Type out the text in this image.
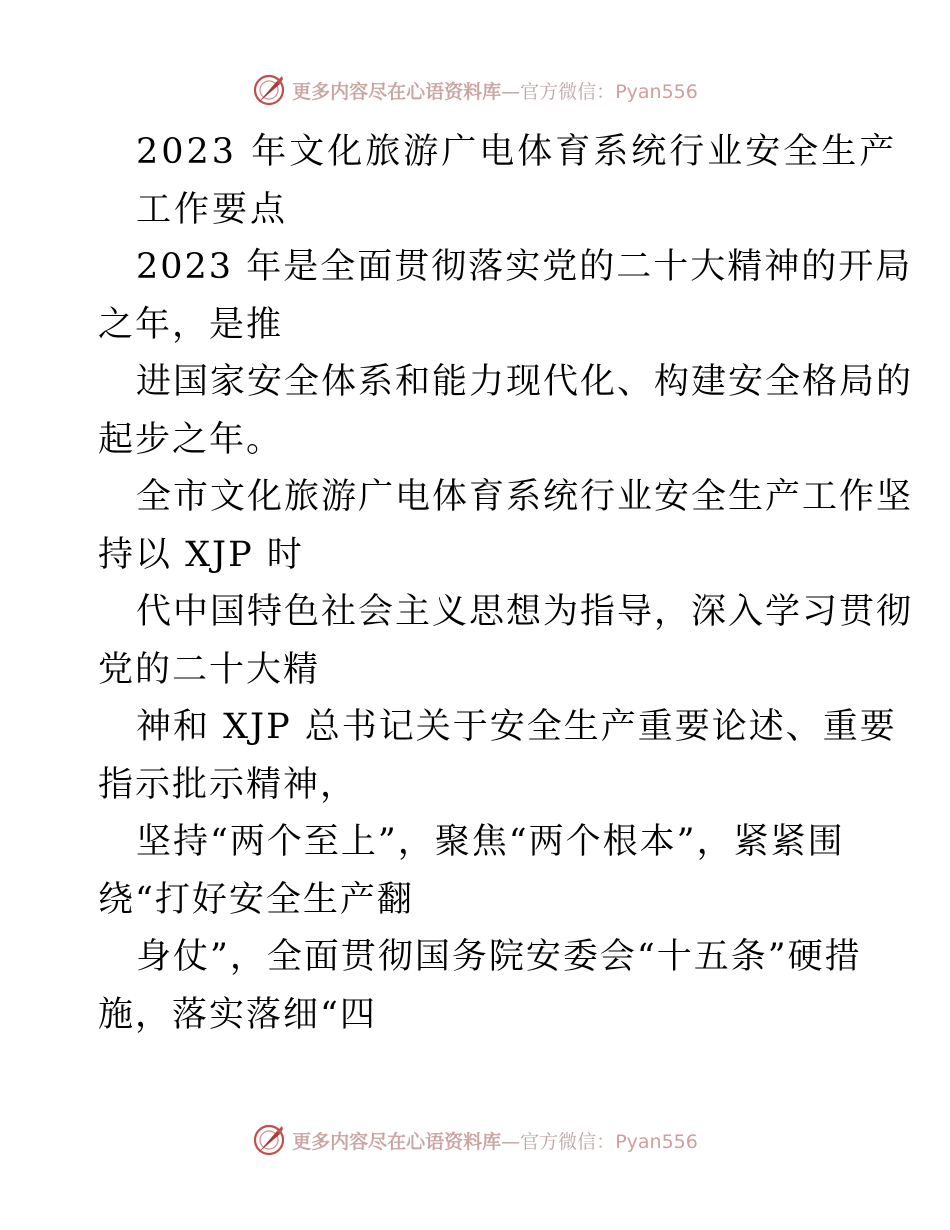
更多内容尽在心语资料库—官方微信：Pyan556
2023 年文化旅游广电体育系统行业安全生产
工作要点
2023 年是全面贯彻落实党的二十大精神的开局
之年，是推
进国家安全体系和能力现代化、构建安全格局的
起步之年。
全市文化旅游广电体育系统行业安全生产工作坚
持以 XJP 时
代中国特色社会主义思想为指导，深入学习贯彻
党的二十大精
神和 XJP 总书记关于安全生产重要论述、重要
指示批示精神，
坚持“两个至上”，聚焦“两个根本”，紧紧围
绕“打好安全生产翻
身仗”，全面贯彻国务院安委会“十五条”硬措
施，落实落细“四
更多内容尽在心语资料库—官方微信：Pyan556
